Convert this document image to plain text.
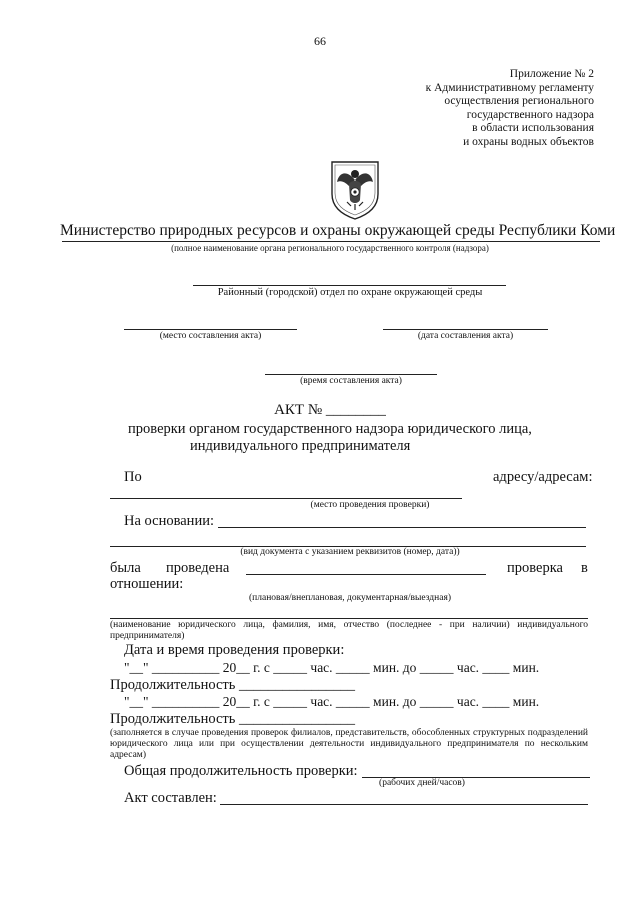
66
Приложение № 2
к Административному регламенту
осуществления регионального
государственного надзора
в области использования
и охраны водных объектов
Министерство природных ресурсов и охраны окружающей среды Республики Коми
(полное наименование органа регионального государственного контроля (надзора)
Районный (городской) отдел по охране окружающей среды
(место составления акта)	(дата составления акта)
(время составления акта)
АКТ № ________
проверки органом государственного надзора юридического лица,
индивидуального предпринимателя
По	адресу/адресам:
(место проведения проверки)
На основании:
(вид документа с указанием реквизитов (номер, дата))
была проведена	проверка в
отношении:
(плановая/внеплановая, документарная/выездная)
(наименование юридического лица, фамилия, имя, отчество (последнее - при наличии) индивидуального предпринимателя)
Дата и время проведения проверки:
"__" __________ 20__ г. с _____ час. _____ мин. до _____ час. ____ мин.
Продолжительность ________________
"__" __________ 20__ г. с _____ час. _____ мин. до _____ час. ____ мин.
Продолжительность ________________
(заполняется в случае проведения проверок филиалов, представительств, обособленных структурных подразделений юридического лица или при осуществлении деятельности индивидуального предпринимателя по нескольким адресам)
Общая продолжительность проверки:
(рабочих дней/часов)
Акт составлен:
